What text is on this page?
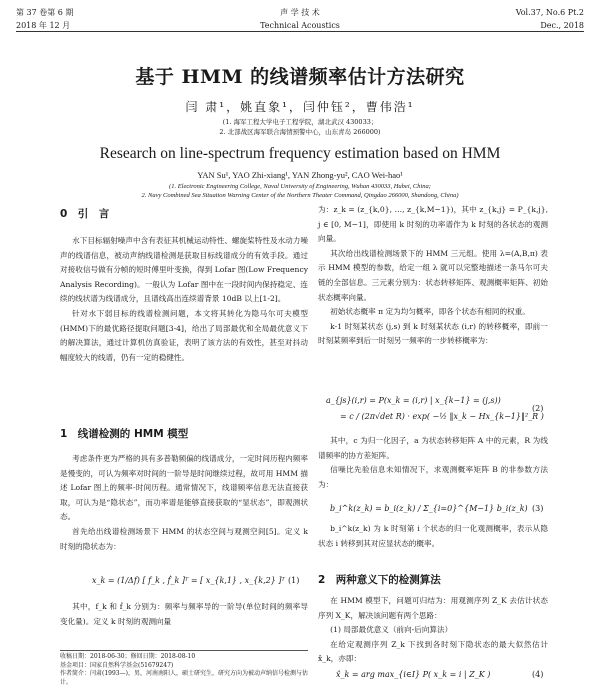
第 37 卷第 6 期
2018 年 12 月
声 学 技 术
Technical Acoustics
Vol.37, No.6 Pt.2
Dec., 2018
基于 HMM 的线谱频率估计方法研究
闫 肃¹，姚直象¹，闫仲钰²，曹伟浩¹
(1. 海军工程大学电子工程学院，湖北武汉 430033；
2. 北部战区海军联合海情预警中心，山东青岛 266000)
Research on line-spectrum frequency estimation based on HMM
YAN Su¹, YAO Zhi-xiang¹, YAN Zhong-yu², CAO Wei-hao¹
(1. Electronic Engineering College, Naval University of Engineering, Wuhan 430033, Hubei, China;
2. Navy Combined Sea Situation Warning Center of the Northern Theater Command, Qingdao 266000, Shandong, China)
0　引　言

水下目标辐射噪声中含有表征其机械运动特性、螺旋桨特性及水动力噪声的线谱信息，被动声纳线谱检测是获取目标线谱成分的有效手段。通过对接收信号做有分帧的短时傅里叶变换，得到 Lofar 图(Low Frequency Analysis Recording)。一般认为 Lofar 图中在一段时间内保持稳定、连续的线状谱为线谱成分，且谱线高出连续谱背景 10dB 以上[1-2]。

针对水下弱目标的线谱检测问题，本文将其转化为隐马尔可夫模型(HMM)下的最优路径提取问题[3-4]，给出了局部最优和全局最优意义下的解决算法，通过计算机仿真验证，表明了该方法的有效性，甚至对抖动幅度较大的线谱，仍有一定的稳健性。

1　线谱检测的 HMM 模型

考虑条件更为严格的具有多普勒频偏的线谱成分，一定时间历程内频率是慢变的，可认为频率对时间的一阶导是时间继续过程，故可用 HMM 描述 Lofar 图上的频率-时间历程。通常情况下，线谱频率信息无法直接获取，可认为是“隐状态”，而功率谱是能够直接获取的“显状态”，即观测状态。

首先给出线谱检测场景下 HMM 的状态空间与观测空间[5]。定义 k 时刻的隐状态为：

x_k = (1/Δf) [ f_k , ḟ_k ]ᵀ = [ x_{k,1} , x_{k,2} ]ᵀ (1)

其中，f_k 和 ḟ_k 分别为：频率与频率导的一阶导(单位时间的频率导变化量)。定义 k 时刻的观测向量

收稿日期：2018-06-30；修回日期：2018-08-10
基金项目：国家自然科学基金(51679247)
作者简介：闫肃(1993—)，男，河南南阳人，硕士研究生，研究方向为被动声纳信号检测与估计。

为：z_k = (z_{k,0}, …, z_{k,M−1})，其中 z_{k,j} = P_{k,j}, j ∈ [0, M−1]，即使用 k 时刻的功率谱作为 k 时刻的各状态的观测向量。

其次给出线谱检测场景下的 HMM 三元组。使用 λ=(A,B,π) 表示 HMM 模型的参数，给定一组 λ 就可以完整地描述一条马尔可夫链的全部信息。三元素分别为：状态转移矩阵、观测概率矩阵、初始状态概率向量。

初始状态概率 π 定为均匀概率，即各个状态有相同的权重。

k-1 时刻某状态 (j,s) 到 k 时刻某状态 (i,r) 的转移概率，即前一时刻某频率到后一时刻另一频率的一步转移概率为：

a_{js}(i,r) = P(x_k = (i,r) | x_{k−1} = (j,s))
= c / (2π√det R) · exp( −½ ‖x_k − Hx_{k−1}‖²_R )
(2)

其中，c 为归一化因子，a 为状态转移矩阵 A 中的元素，R 为线谱频率的协方差矩阵。

信噪比先验信息未知情况下，求观测概率矩阵 B 的非参数方法为：

b_i^k(z_k) = b_i(z_k) / Σ_{i=0}^{M−1} b_i(z_k) (3)

b_i^k(z_k) 为 k 时刻第 i 个状态的归一化观测概率，表示从隐状态 i 转移到其对应显状态的概率。

2　两种意义下的检测算法

在 HMM 模型下，问题可归结为：用观测序列 Z_K 去估计状态序列 X_K，解决该问题有两个思路：

(1) 局部最优意义（前向-后向算法）

在给定观测序列 Z_k 下找到各时刻下隐状态的最大似然估计 x̂_k，亦即：

x̂_k = arg max_{i∈I} P( x_k = i | Z_K )	(4)
